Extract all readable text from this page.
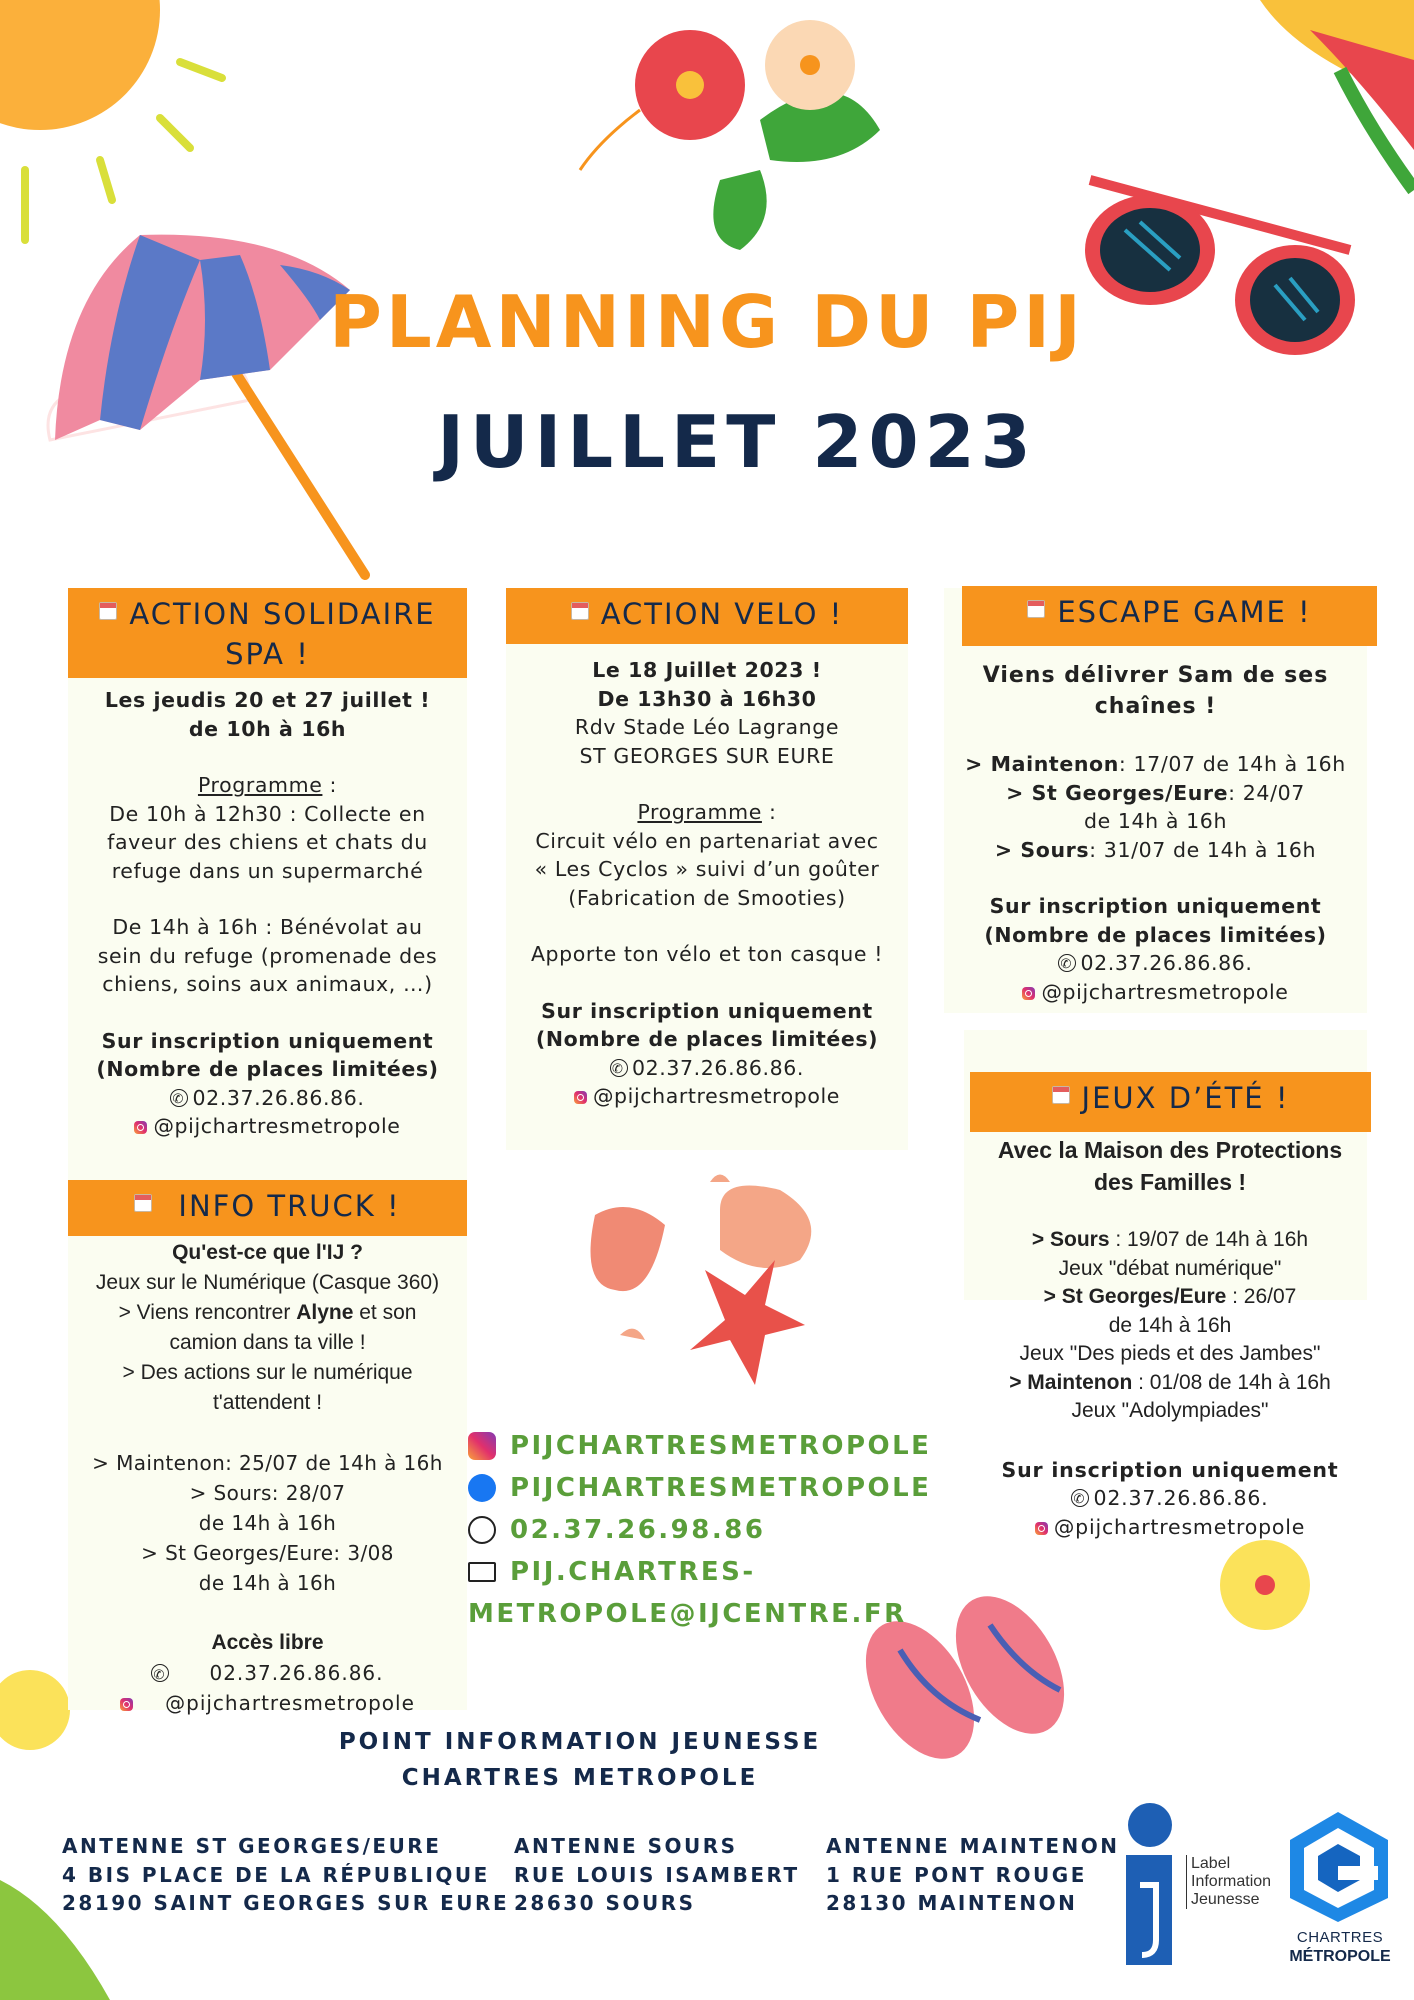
PLANNING DU PIJ
JUILLET 2023
ACTION SOLIDAIRE
SPA !
Les jeudis 20 et 27 juillet !
de 10h à 16h
Programme :
De 10h à 12h30 : Collecte en
faveur des chiens et chats du
refuge dans un supermarché
De 14h à 16h : Bénévolat au
sein du refuge (promenade des
chiens, soins aux animaux, …)
Sur inscription uniquement
(Nombre de places limitées)
✆02.37.26.86.86.
@pijchartresmetropole
INFO TRUCK !
Qu'est-ce que l'IJ ?
Jeux sur le Numérique (Casque 360)
> Viens rencontrer Alyne et son
camion dans ta ville !
> Des actions sur le numérique
t'attendent !
> Maintenon: 25/07 de 14h à 16h
> Sours: 28/07
de 14h à 16h
> St Georges/Eure: 3/08
de 14h à 16h
Accès libre
✆02.37.26.86.86.
@pijchartresmetropole
ACTION VELO !
Le 18 Juillet 2023 !
De 13h30 à 16h30
Rdv Stade Léo Lagrange
ST GEORGES SUR EURE
Programme :
Circuit vélo en partenariat avec
« Les Cyclos » suivi d’un goûter
(Fabrication de Smooties)
Apporte ton vélo et ton casque !
Sur inscription uniquement
(Nombre de places limitées)
✆02.37.26.86.86.
@pijchartresmetropole
ESCAPE GAME !
Viens délivrer Sam de ses
chaînes !
> Maintenon: 17/07 de 14h à 16h
> St Georges/Eure: 24/07
de 14h à 16h
> Sours: 31/07 de 14h à 16h
Sur inscription uniquement
(Nombre de places limitées)
✆02.37.26.86.86.
@pijchartresmetropole
JEUX D’ÉTÉ !
Avec la Maison des Protections
des Familles !
> Sours : 19/07 de 14h à 16h
Jeux "débat numérique"
> St Georges/Eure : 26/07
de 14h à 16h
Jeux "Des pieds et des Jambes"
> Maintenon : 01/08 de 14h à 16h
Jeux "Adolympiades"
Sur inscription uniquement
✆02.37.26.86.86.
@pijchartresmetropole
PIJCHARTRESMETROPOLE
PIJCHARTRESMETROPOLE
02.37.26.98.86
PIJ.CHARTRES-METROPOLE@IJCENTRE.FR
POINT INFORMATION JEUNESSE
CHARTRES METROPOLE
ANTENNE ST GEORGES/EURE
4 BIS PLACE DE LA RÉPUBLIQUE
28190 SAINT GEORGES SUR EURE
ANTENNE SOURS
RUE LOUIS ISAMBERT
28630 SOURS
ANTENNE MAINTENON
1 RUE PONT ROUGE
28130 MAINTENON
Label
Information
Jeunesse
CHARTRES
MÉTROPOLE
